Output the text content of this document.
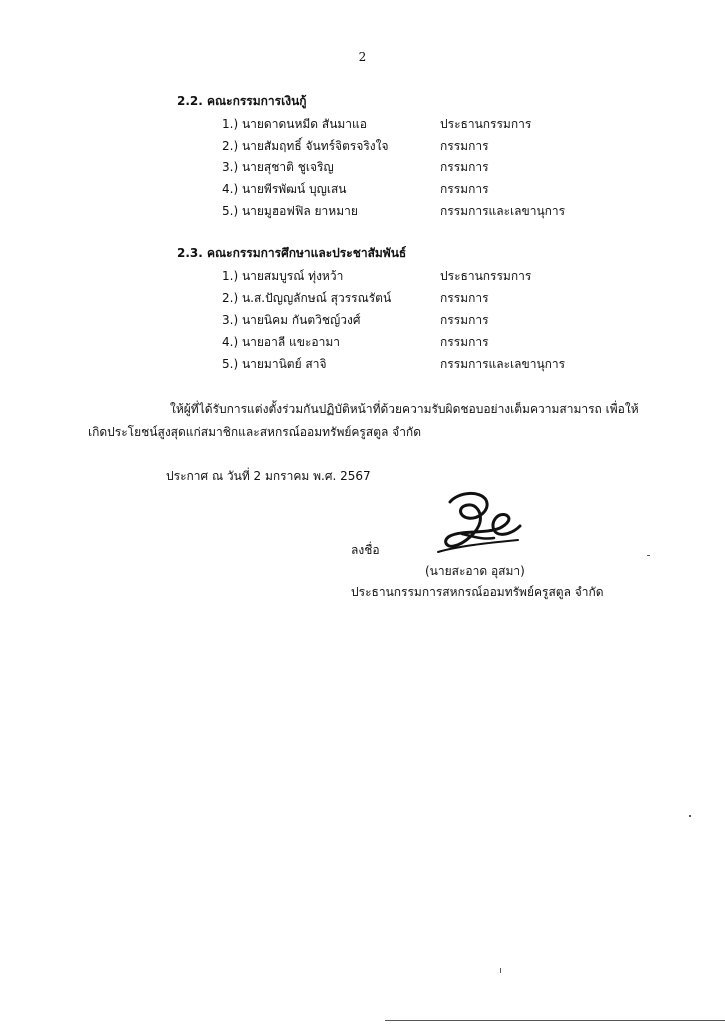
2
2.2. คณะกรรมการเงินกู้
1.) นายดาดนหมีด สันมาแอ	ประธานกรรมการ
2.) นายสัมฤทธิ์ จันทร์จิตรจริงใจ	กรรมการ
3.) นายสุชาติ ชูเจริญ	กรรมการ
4.) นายพีรพัฒน์ บุญเสน	กรรมการ
5.) นายมูฮอฟฟิล ยาหมาย	กรรมการและเลขานุการ
2.3. คณะกรรมการศึกษาและประชาสัมพันธ์
1.) นายสมบูรณ์ ทุ่งหว้า	ประธานกรรมการ
2.) น.ส.ปัญญลักษณ์ สุวรรณรัตน์	กรรมการ
3.) นายนิคม กันตวิชญ์วงศ์	กรรมการ
4.) นายอาลี แขะอามา	กรรมการ
5.) นายมานิตย์ สาจิ	กรรมการและเลขานุการ
ให้ผู้ที่ได้รับการแต่งตั้งร่วมกันปฏิบัติหน้าที่ด้วยความรับผิดชอบอย่างเต็มความสามารถ เพื่อให้
เกิดประโยชน์สูงสุดแก่สมาชิกและสหกรณ์ออมทรัพย์ครูสตูล จำกัด
ประกาศ ณ วันที่ 2 มกราคม พ.ศ. 2567
ลงชื่อ
(นายสะอาด อุสมา)
ประธานกรรมการสหกรณ์ออมทรัพย์ครูสตูล จำกัด
